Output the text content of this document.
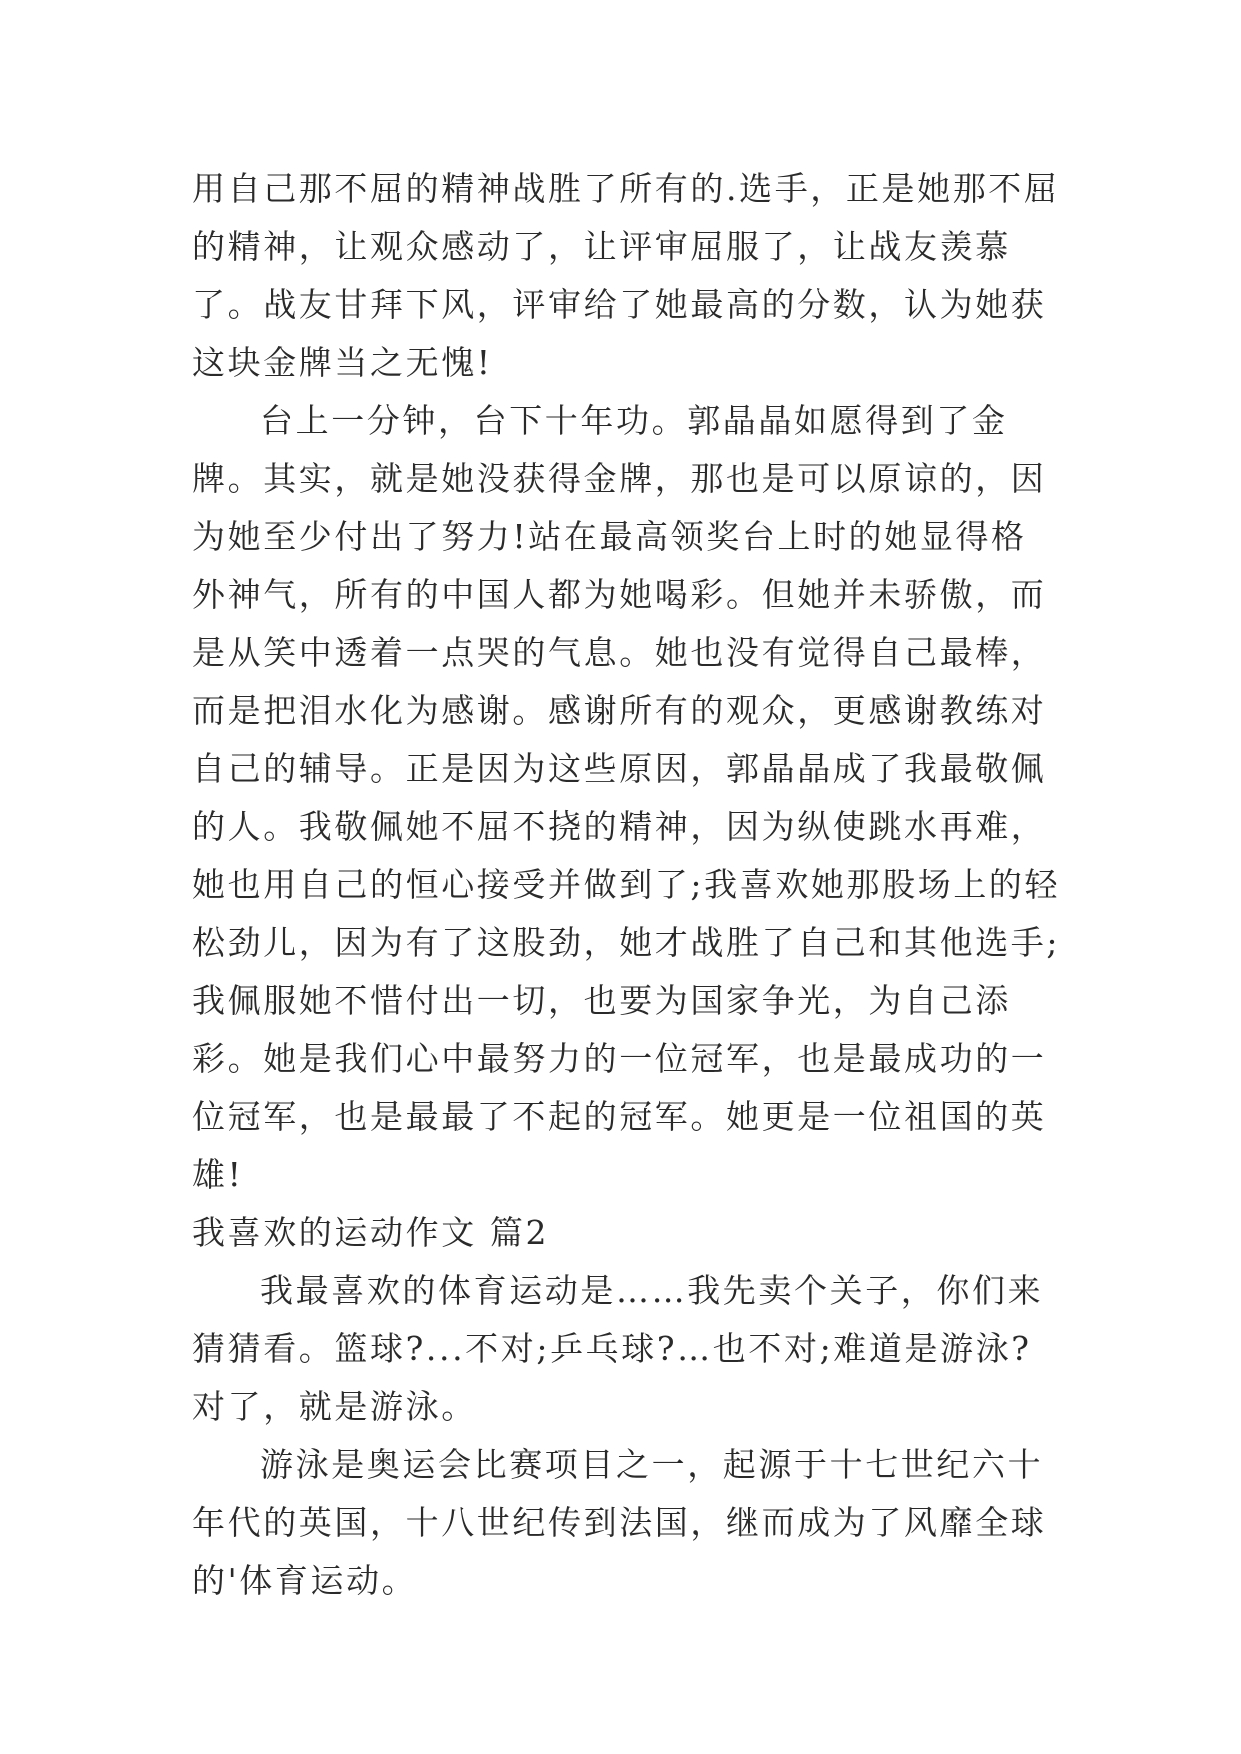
用自己那不屈的精神战胜了所有的.选手，正是她那不屈的精神，让观众感动了，让评审屈服了，让战友羡慕了。战友甘拜下风，评审给了她最高的分数，认为她获这块金牌当之无愧!

台上一分钟，台下十年功。郭晶晶如愿得到了金牌。其实，就是她没获得金牌，那也是可以原谅的，因为她至少付出了努力!站在最高领奖台上时的她显得格外神气，所有的中国人都为她喝彩。但她并未骄傲，而是从笑中透着一点哭的气息。她也没有觉得自己最棒，而是把泪水化为感谢。感谢所有的观众，更感谢教练对自己的辅导。正是因为这些原因，郭晶晶成了我最敬佩的人。我敬佩她不屈不挠的精神，因为纵使跳水再难，她也用自己的恒心接受并做到了;我喜欢她那股场上的轻松劲儿，因为有了这股劲，她才战胜了自己和其他选手;我佩服她不惜付出一切，也要为国家争光，为自己添彩。她是我们心中最努力的一位冠军，也是最成功的一位冠军，也是最最了不起的冠军。她更是一位祖国的英雄!

我喜欢的运动作文 篇2

我最喜欢的体育运动是……我先卖个关子，你们来猜猜看。篮球?...不对;乒乓球?…也不对;难道是游泳?对了，就是游泳。

游泳是奥运会比赛项目之一，起源于十七世纪六十年代的英国，十八世纪传到法国，继而成为了风靡全球的'体育运动。
